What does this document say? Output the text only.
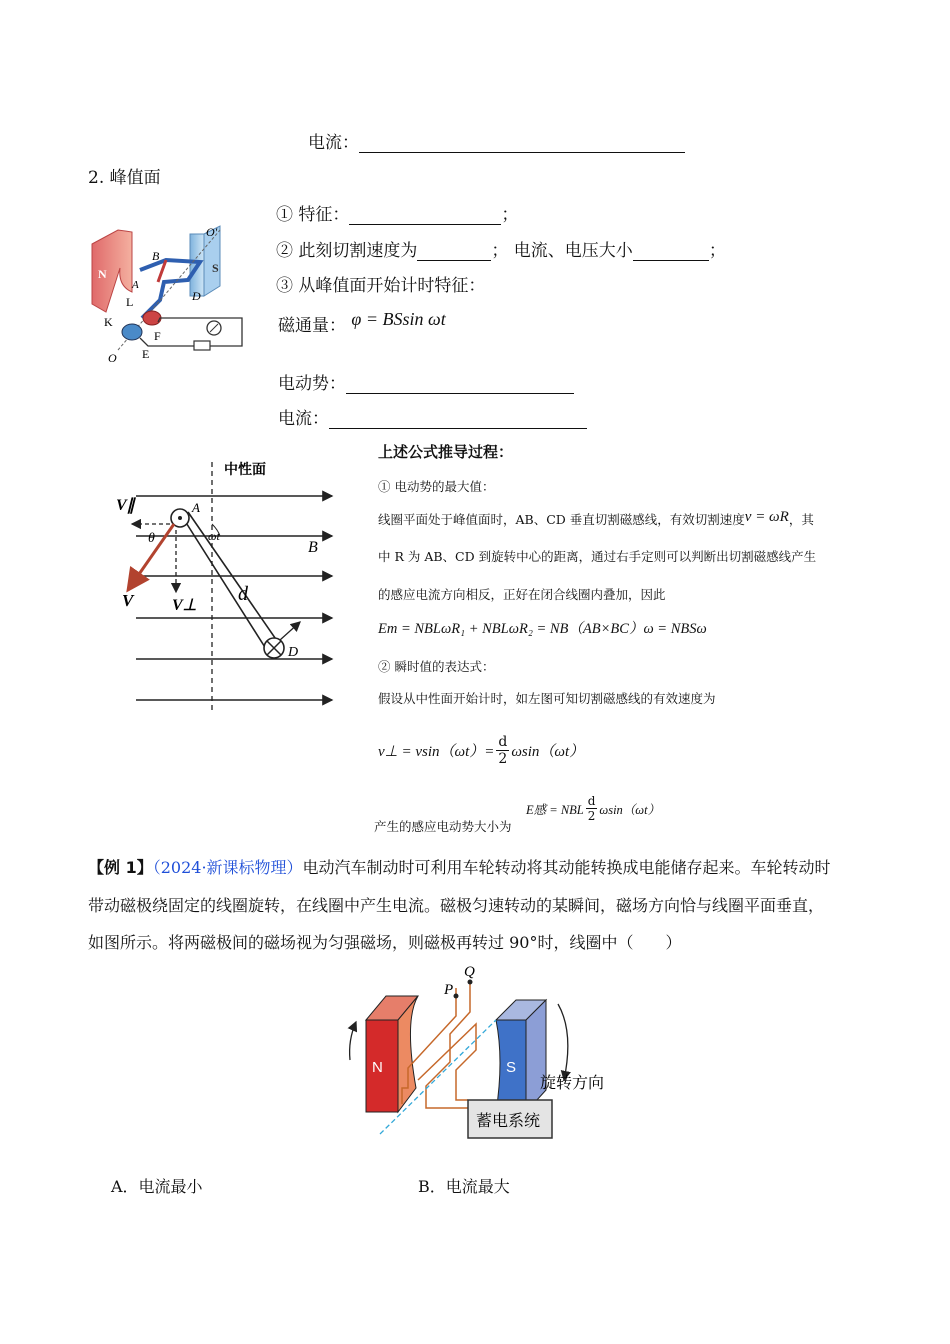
电流：
2. 峰值面
N	S
O′
B
A
L	D
K
F
O E
① 特征：	；
② 此刻切割速度为	； 电流、电压大小	；
③ 从峰值面开始计时特征：
磁通量： φ = BSsin ωt
电动势：
电流：
中性面
V∥
θ
A
ωt
B
V V⊥
d
D
上述公式推导过程：
① 电动势的最大值：
线圈平面处于峰值面时，AB、CD 垂直切割磁感线，有效切割速度v = ωR，其
中 R 为 AB、CD 到旋转中心的距离，通过右手定则可以判断出切割磁感线产生
的感应电流方向相反，正好在闭合线圈内叠加，因此
Em = NBLωR₁ + NBLωR₂ = NB（AB×BC）ω = NBSω
② 瞬时值的表达式：
假设从中性面开始计时，如左图可知切割磁感线的有效速度为
v⊥ = $vsin(\omega t)= \frac{d}{2} \omega\sin(\omega t)$
产生的感应电动势大小为
E感 = NBL
d
2 ωsin（ωt）
【例 1】（2024·新课标物理）电动汽车制动时可利用车轮转动将其动能转换成电能储存起来。车轮转动时
带动磁极绕固定的线圈旋转，在线圈中产生电流。磁极匀速转动的某瞬间，磁场方向恰与线圈平面垂直，
如图所示。将两磁极间的磁场视为匀强磁场，则磁极再转过 90°时，线圈中（　　）
N	S
P
Q
蓄电系统
旋转方向
A．电流最小	B．电流最大
